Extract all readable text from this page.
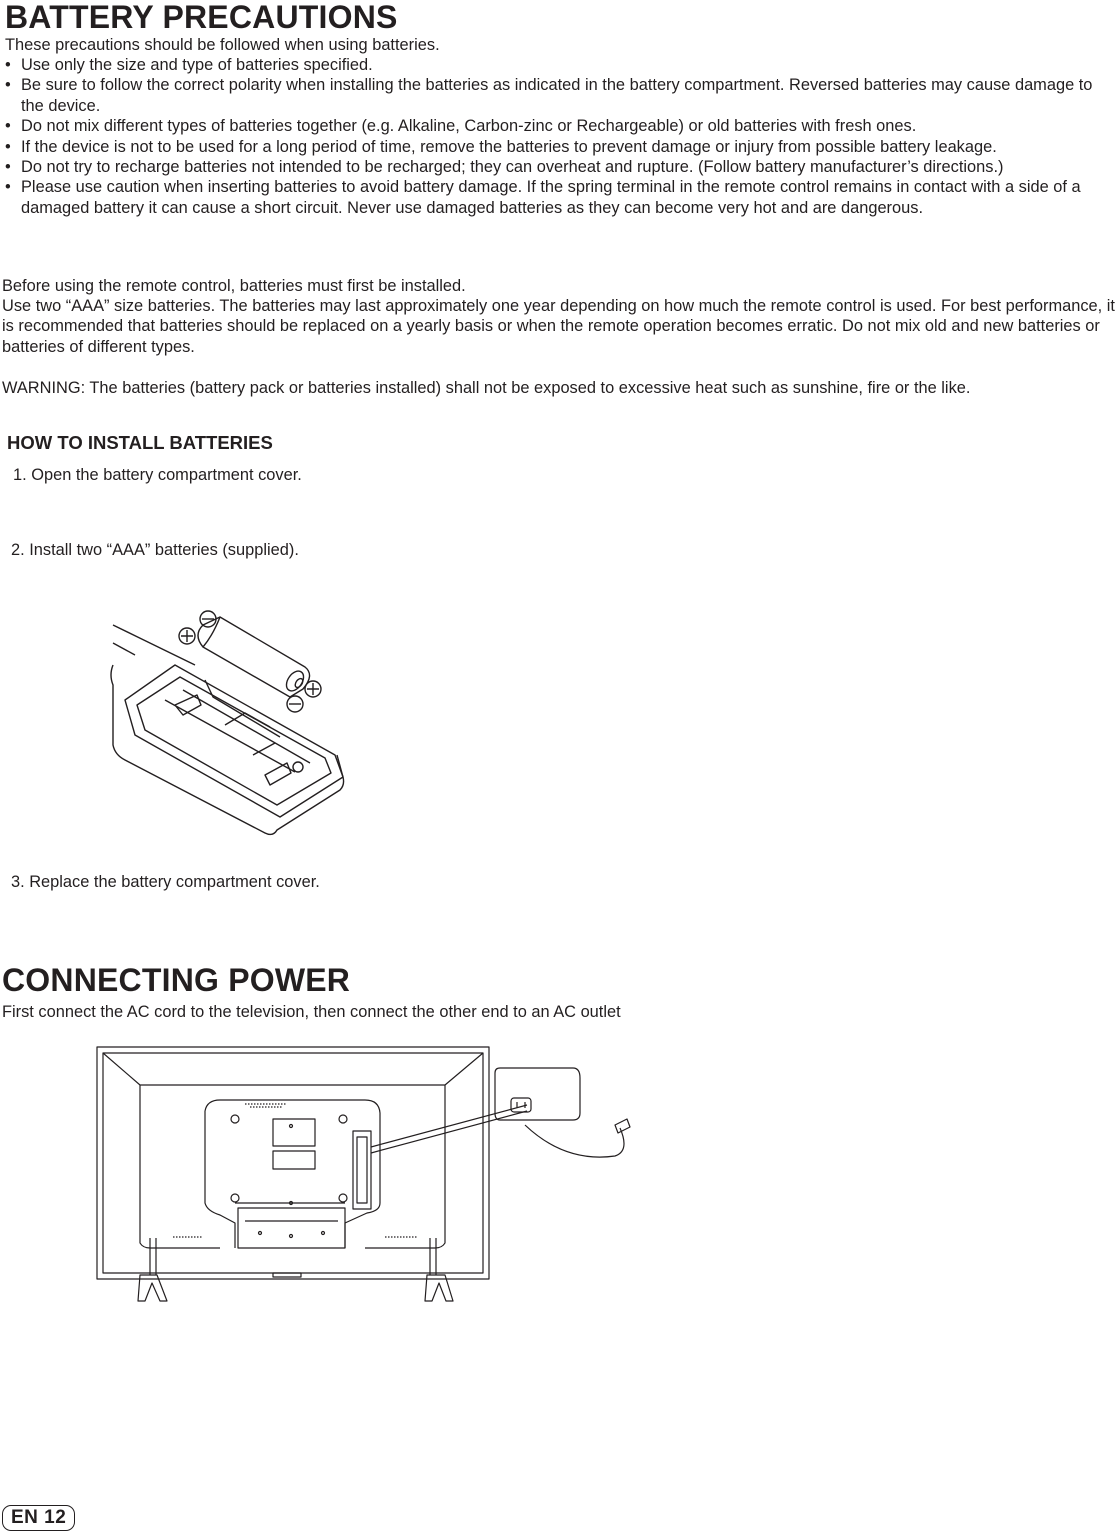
BATTERY PRECAUTIONS
These precautions should be followed when using batteries.
• Use only the size and type of batteries specified.
• Be sure to follow the correct polarity when installing the batteries as indicated in the battery compartment. Reversed batteries may cause damage to the device.
• Do not mix different types of batteries together (e.g. Alkaline, Carbon-zinc or Rechargeable) or old batteries with fresh ones.
• If the device is not to be used for a long period of time, remove the batteries to prevent damage or injury from possible battery leakage.
• Do not try to recharge batteries not intended to be recharged; they can overheat and rupture. (Follow battery manufacturer’s directions.)
• Please use caution when inserting batteries to avoid battery damage. If the spring terminal in the remote control remains in contact with a side of a damaged battery it can cause a short circuit. Never use damaged batteries as they can become very hot and are dangerous.
Before using the remote control, batteries must first be installed.
Use two “AAA” size batteries. The batteries may last approximately one year depending on how much the remote control is used. For best performance, it is recommended that batteries should be replaced on a yearly basis or when the remote operation becomes erratic. Do not mix old and new batteries or batteries of different types.
WARNING: The batteries (battery pack or batteries installed) shall not be exposed to excessive heat such as sunshine, fire or the like.
HOW TO INSTALL BATTERIES
1. Open the battery compartment cover.
2. Install two “AAA” batteries (supplied).
3. Replace the battery compartment cover.
CONNECTING POWER
First connect the AC cord to the television, then connect the other end to an AC outlet
EN 12
